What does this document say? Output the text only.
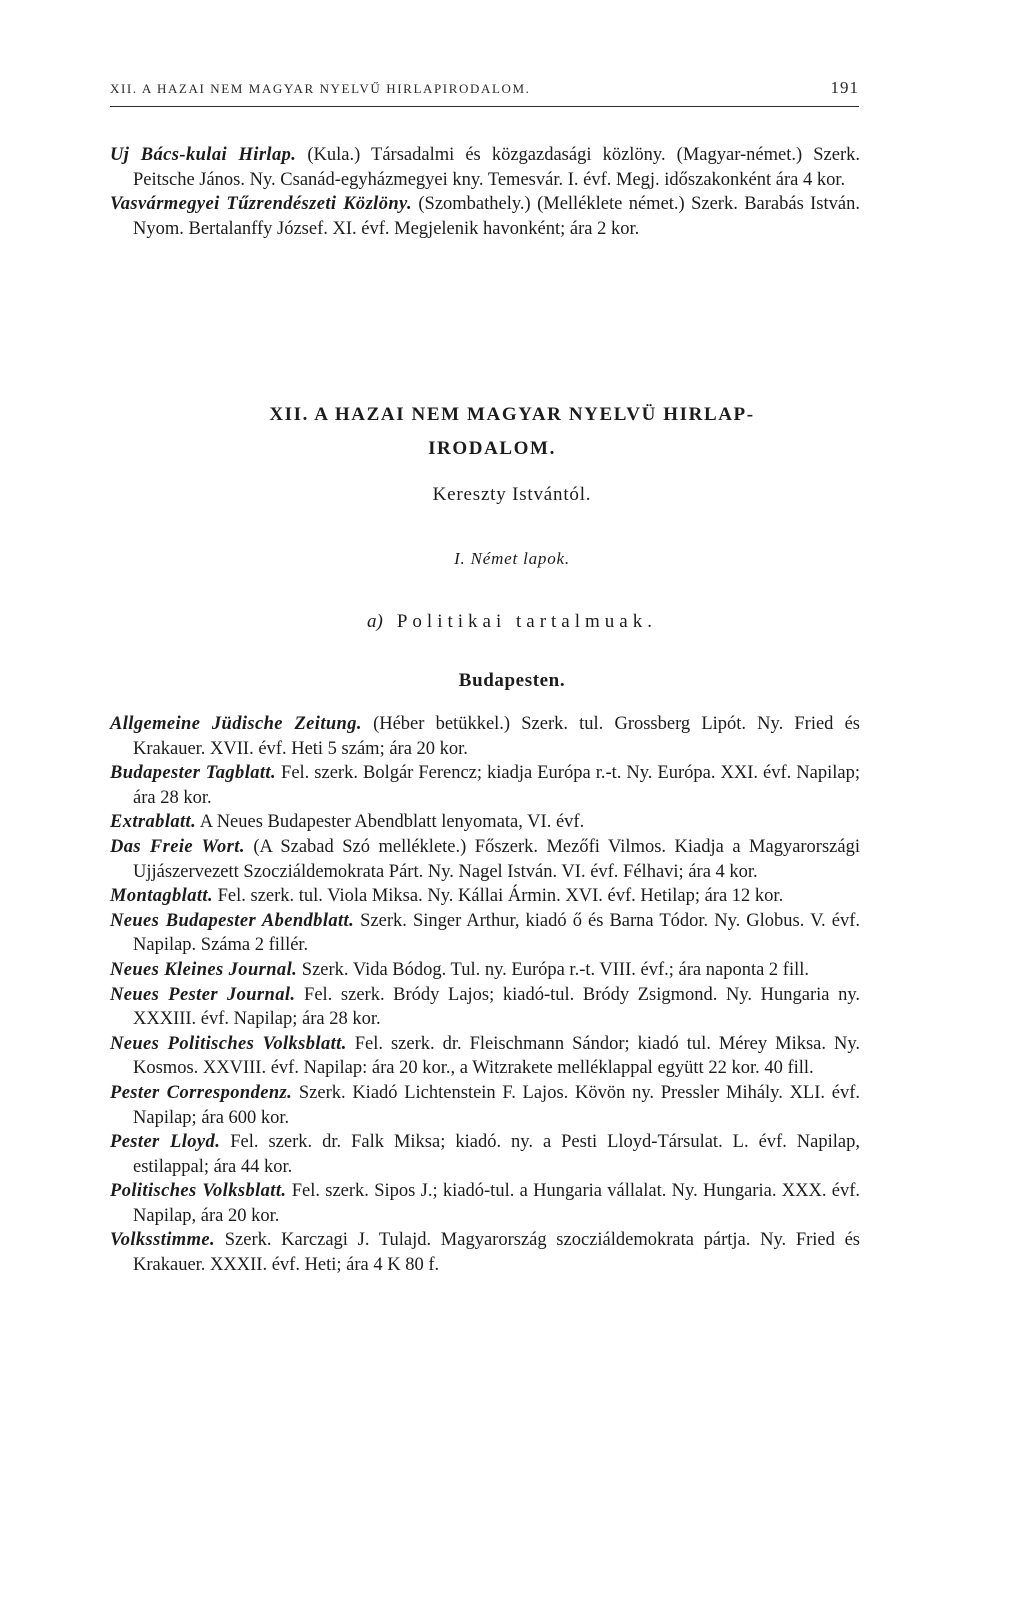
XII. A HAZAI NEM MAGYAR NYELVŰ HIRLAPIRODALOM.	191

Uj Bács-kulai Hirlap. (Kula.) Társadalmi és közgazdasági közlöny. (Magyar-német.) Szerk. Peitsche János. Ny. Csanád-egyházmegyei kny. Temesvár. I. évf. Megj. időszakonként ára 4 kor.

Vasvármegyei Tűzrendészeti Közlöny. (Szombathely.) (Melléklete német.) Szerk. Barabás István. Nyom. Bertalanffy József. XI. évf. Megjelenik havonként; ára 2 kor.

XII. A HAZAI NEM MAGYAR NYELVÜ HIRLAP-
IRODALOM.
Kereszty Istvántól.
I. Német lapok.
a) Politikai tartalmuak.
Budapesten.

Allgemeine Jüdische Zeitung. (Héber betükkel.) Szerk. tul. Grossberg Lipót. Ny. Fried és Krakauer. XVII. évf. Heti 5 szám; ára 20 kor.

Budapester Tagblatt. Fel. szerk. Bolgár Ferencz; kiadja Európa r.-t. Ny. Európa. XXI. évf. Napilap; ára 28 kor.

Extrablatt. A Neues Budapester Abendblatt lenyomata, VI. évf.

Das Freie Wort. (A Szabad Szó melléklete.) Főszerk. Mezőfi Vilmos. Kiadja a Magyarországi Ujjászervezett Szocziáldemokrata Párt. Ny. Nagel István. VI. évf. Félhavi; ára 4 kor.

Montagblatt. Fel. szerk. tul. Viola Miksa. Ny. Kállai Ármin. XVI. évf. Hetilap; ára 12 kor.

Neues Budapester Abendblatt. Szerk. Singer Arthur, kiadó ő és Barna Tódor. Ny. Globus. V. évf. Napilap. Száma 2 fillér.

Neues Kleines Journal. Szerk. Vida Bódog. Tul. ny. Európa r.-t. VIII. évf.; ára naponta 2 fill.

Neues Pester Journal. Fel. szerk. Bródy Lajos; kiadó-tul. Bródy Zsigmond. Ny. Hungaria ny. XXXIII. évf. Napilap; ára 28 kor.

Neues Politisches Volksblatt. Fel. szerk. dr. Fleischmann Sándor; kiadó tul. Mérey Miksa. Ny. Kosmos. XXVIII. évf. Napilap: ára 20 kor., a Witzrakete melléklappal együtt 22 kor. 40 fill.

Pester Correspondenz. Szerk. Kiadó Lichtenstein F. Lajos. Kövön ny. Pressler Mihály. XLI. évf. Napilap; ára 600 kor.

Pester Lloyd. Fel. szerk. dr. Falk Miksa; kiadó. ny. a Pesti Lloyd-Társulat. L. évf. Napilap, estilappal; ára 44 kor.

Politisches Volksblatt. Fel. szerk. Sipos J.; kiadó-tul. a Hungaria vállalat. Ny. Hungaria. XXX. évf. Napilap, ára 20 kor.

Volksstimme. Szerk. Karczagi J. Tulajd. Magyarország szocziáldemokrata pártja. Ny. Fried és Krakauer. XXXII. évf. Heti; ára 4 K 80 f.
